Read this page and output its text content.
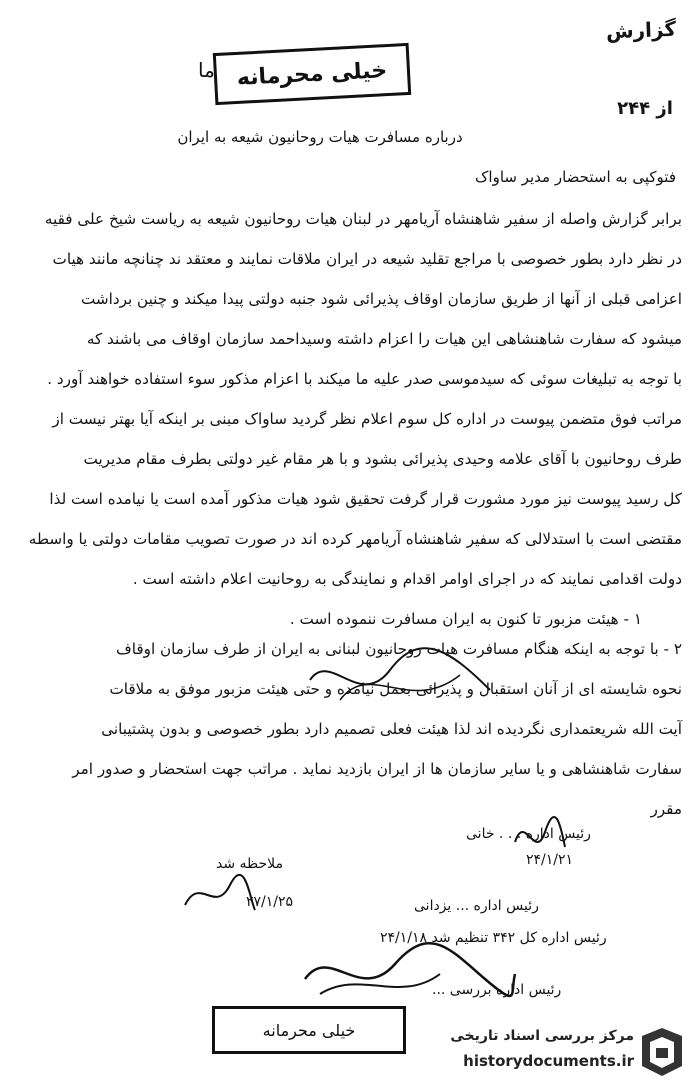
گزارش
از ۲۴۴
ما خیلی محرمانه
درباره مسافرت هیات روحانیون شیعه به ایران
فتوکپی به استحضار مدیر ساواک
برابر گزارش واصله از سفیر شاهنشاه آریامهر در لبنان هیات روحانیون شیعه به ریاست شیخ علی فقیه
در نظر دارد بطور خصوصی با مراجع تقلید شیعه در ایران ملاقات نمایند و معتقد ند چنانچه مانند هیات
اعزامی قبلی از آنها از طریق سازمان اوقاف پذیرائی شود جنبه دولتی پیدا میکند و چنین برداشت
میشود که سفارت شاهنشاهی این هیات را اعزام داشته وسیداحمد سازمان اوقاف می باشند که
با توجه به تبلیغات سوئی که سیدموسی صدر علیه ما میکند با اعزام مذکور سوء استفاده خواهند آورد .
مراتب فوق متضمن پیوست در اداره کل سوم اعلام نظر گردید ساواک مبنی بر اینکه آیا بهتر نیست از
طرف روحانیون با آقای علامه وحیدی پذیرائی بشود و با هر مقام غیر دولتی بطرف مقام مدیریت
کل رسید پیوست نیز مورد مشورت قرار گرفت تحقیق شود هیات مذکور آمده است یا نیامده است لذا
مقتضی است با استدلالی که سفیر شاهنشاه آریامهر کرده اند در صورت تصویب مقامات دولتی یا واسطه
دولت اقدامی نمایند که در اجرای اوامر اقدام و نمایندگی به روحانیت اعلام داشته است .
۱ - هیئت مزبور تا کنون به ایران مسافرت ننموده است .
۲ - با توجه به اینکه هنگام مسافرت هیات روحانیون لبنانی به ایران از طرف سازمان اوقاف
نحوه شایسته ای از آنان استقبال و پذیرائی بعمل نیامده و حتی هیئت مزبور موفق به ملاقات
آیت الله شریعتمداری نگردیده اند لذا هیئت فعلی تصمیم دارد بطور خصوصی و بدون پشتیبانی
سفارت شاهنشاهی و یا سایر سازمان ها از ایران بازدید نماید . مراتب جهت استحضار و صدور امر
مقرر
رئیس اداره . . . خانی
۲۴/۱/۲۱
ملاحظه شد
۲۷/۱/۲۵	رئیس اداره ... یزدانی
رئیس اداره کل ۳۴۲ تنظیم شد ۲۴/۱/۱۸
رئیس اداره بررسی ...
خیلی محرمانه	مرکز بررسی اسناد تاریخی
historydocuments.ir
